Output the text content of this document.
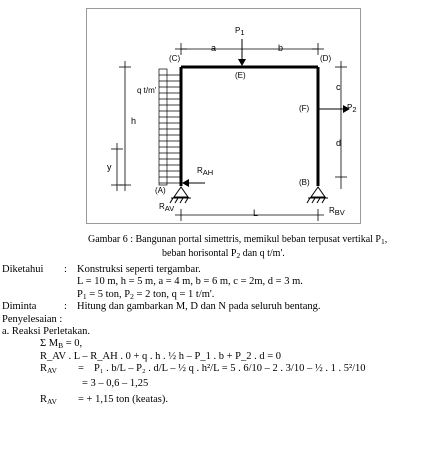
(C)	(D)
(E)
(F)
(A)
(B)
a	b
c
d
h
y
L
P1
P2
q t/m'
RAH
RAV	RBV
Gambar 6 : Bangunan portal simettris, memikul beban terpusat vertikal $P_1$,
beban horisontal $P_2$ dan q t/m'.
Diketahui : Konstruksi seperti tergambar.
L = 10 m, h = 5 m, a = 4 m, b = 6 m, c = 2m, d = 3 m.
$P_1 = 5$ ton, $P_2 = 2$ ton, q = 1 t/m'.
Diminta	: Hitung dan gambarkan M, D dan N pada seluruh bentang.
Penyelesaian :
a. Reaksi Perletakan.
Σ $M_B = 0$,
R_AV . L – R_AH . 0 + q . h . ½ h – P_1 . b + P_2 . d = 0
$R_{AV} = P_1$ . b/L – P₂ . d/L – ½ q . h²/L = 5 . 6/10 – 2 . 3/10 – ½ . 1 . 5²/10
= 3 – 0,6 – 1,25
$R_{AV}$ = + 1,15 ton (keatas).
